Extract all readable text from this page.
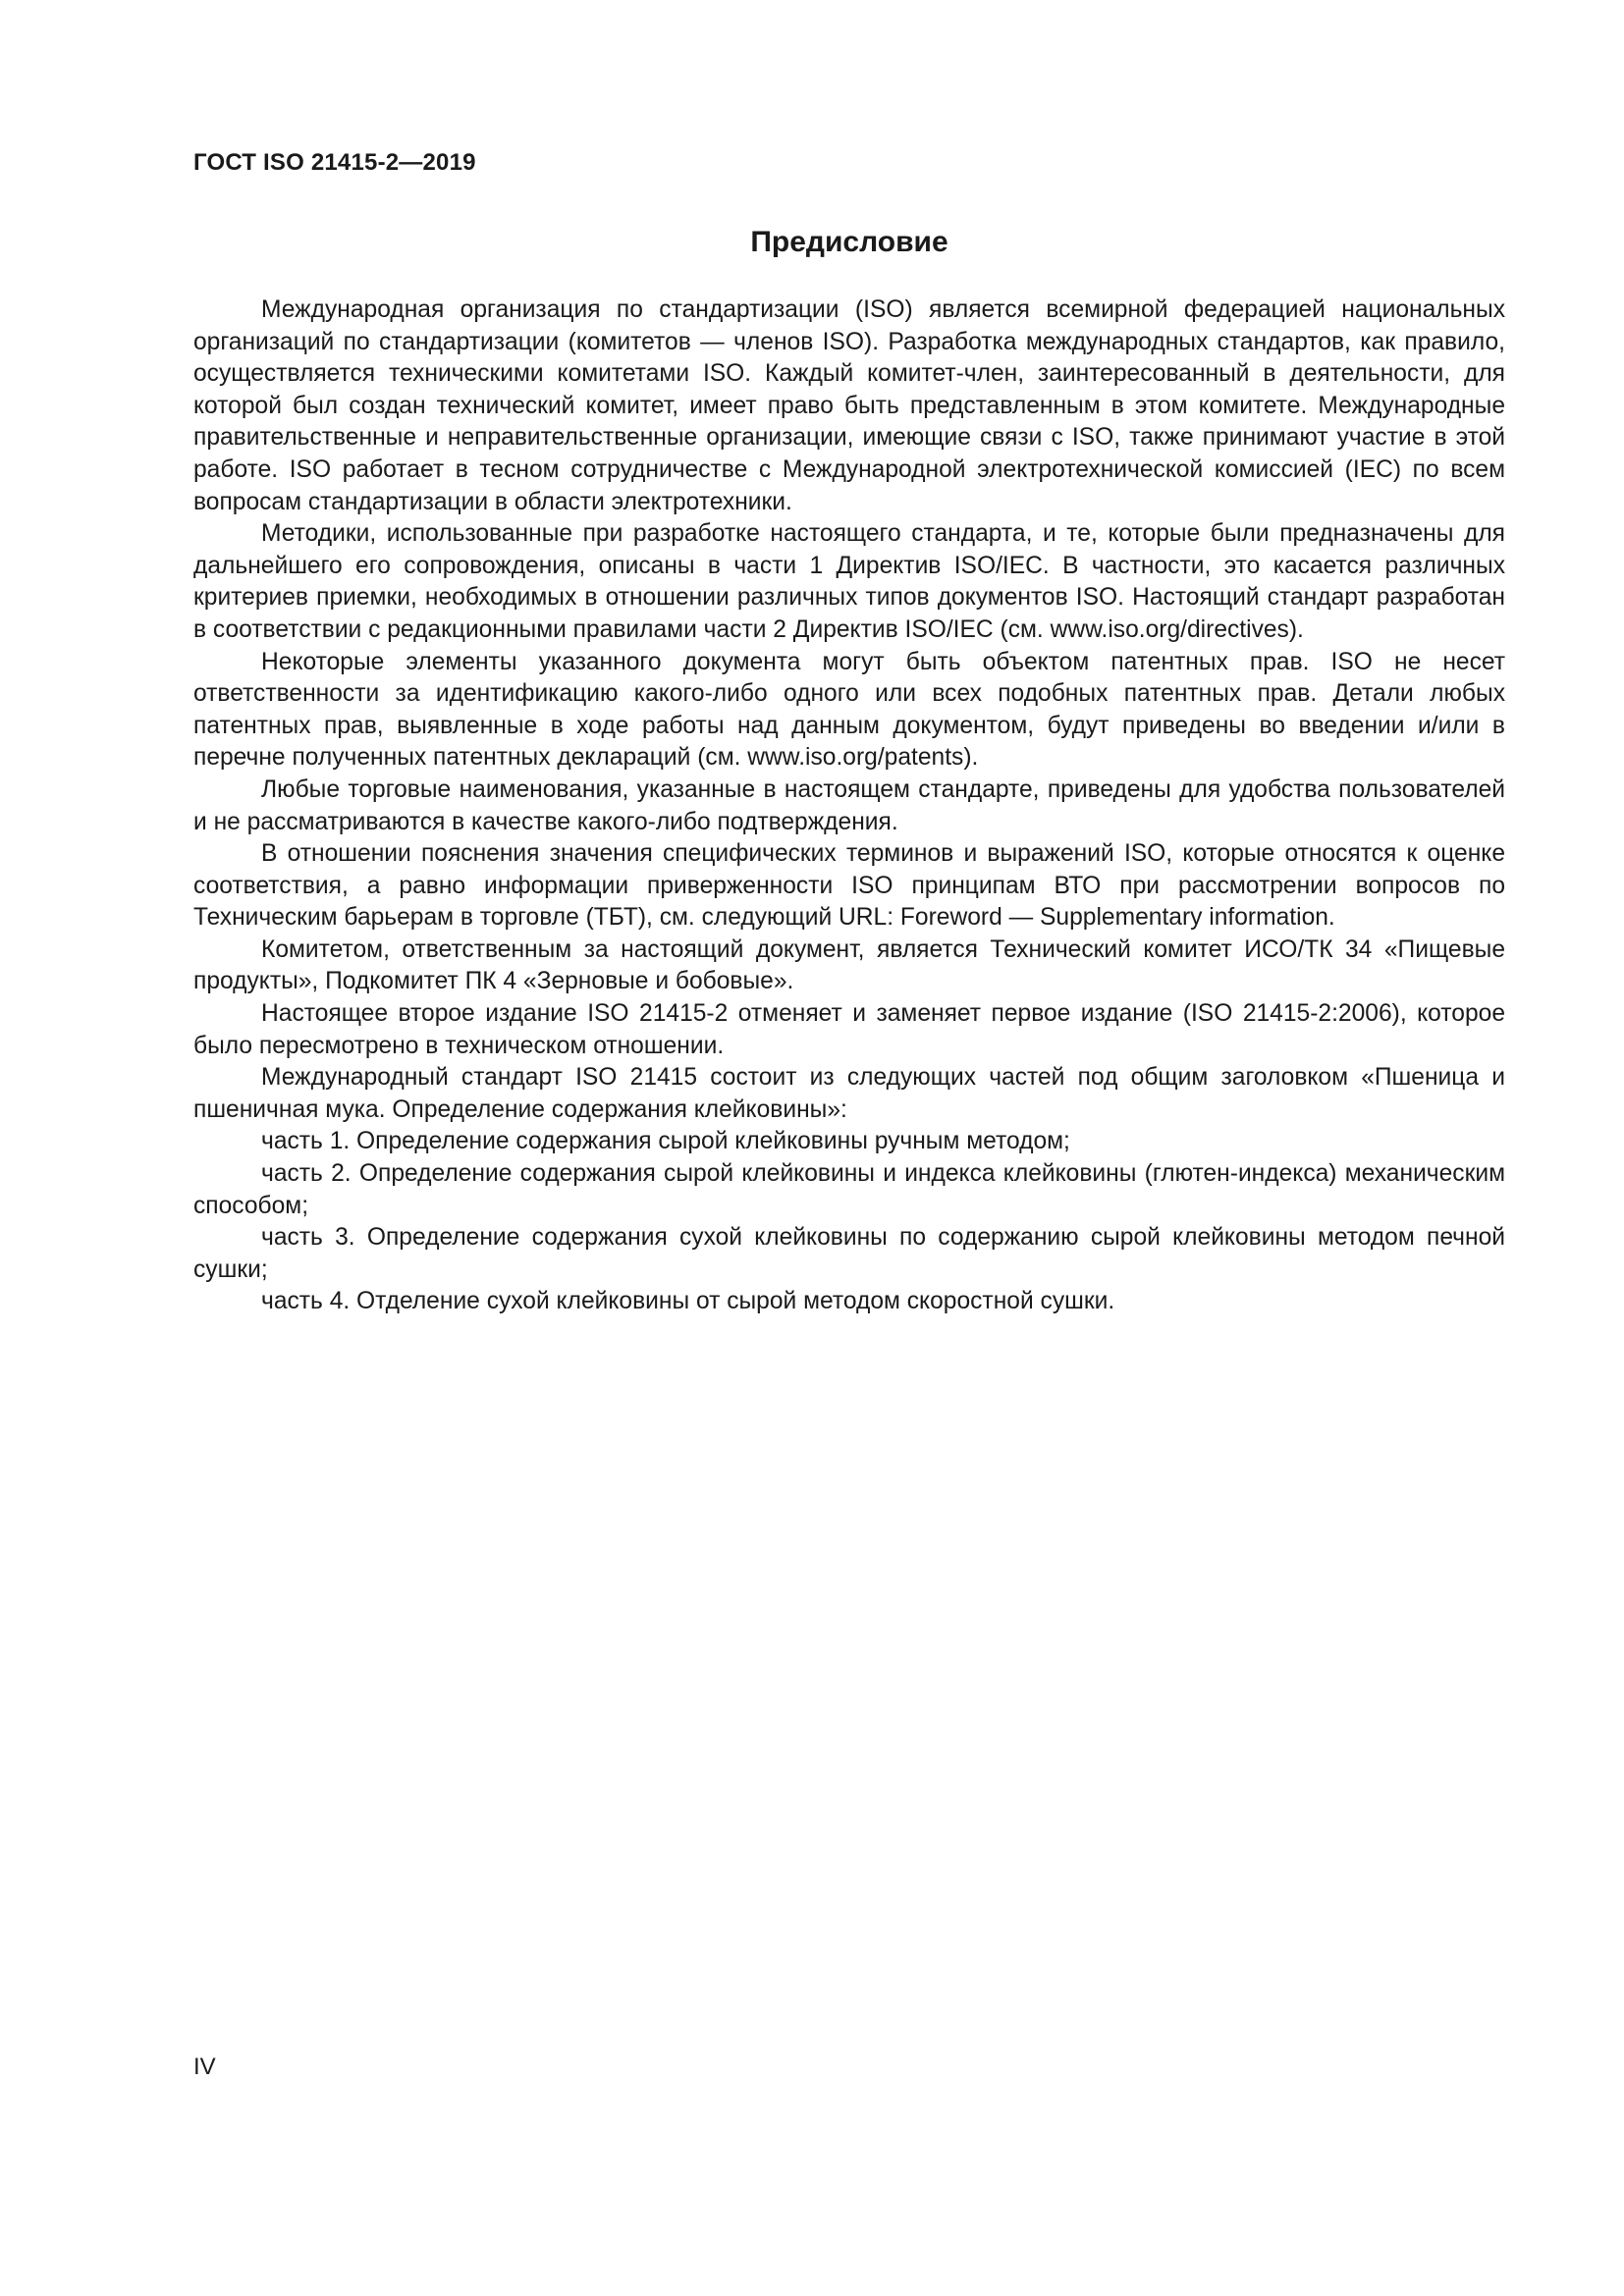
ГОСТ ISO 21415-2—2019
Предисловие

Международная организация по стандартизации (ISO) является всемирной федерацией национальных организаций по стандартизации (комитетов — членов ISO). Разработка международных стандартов, как правило, осуществляется техническими комитетами ISO. Каждый комитет-член, заинтересованный в деятельности, для которой был создан технический комитет, имеет право быть представленным в этом комитете. Международные правительственные и неправительственные организации, имеющие связи с ISO, также принимают участие в этой работе. ISO работает в тесном сотрудничестве с Международной электротехнической комиссией (IEC) по всем вопросам стандартизации в области электротехники.

Методики, использованные при разработке настоящего стандарта, и те, которые были предназначены для дальнейшего его сопровождения, описаны в части 1 Директив ISO/IEC. В частности, это касается различных критериев приемки, необходимых в отношении различных типов документов ISO. Настоящий стандарт разработан в соответствии с редакционными правилами части 2 Директив ISO/IEC (см. www.iso.org/directives).

Некоторые элементы указанного документа могут быть объектом патентных прав. ISO не несет ответственности за идентификацию какого-либо одного или всех подобных патентных прав. Детали любых патентных прав, выявленные в ходе работы над данным документом, будут приведены во введении и/или в перечне полученных патентных деклараций (см. www.iso.org/patents).

Любые торговые наименования, указанные в настоящем стандарте, приведены для удобства пользователей и не рассматриваются в качестве какого-либо подтверждения.

В отношении пояснения значения специфических терминов и выражений ISO, которые относятся к оценке соответствия, а равно информации приверженности ISO принципам ВТО при рассмотрении вопросов по Техническим барьерам в торговле (ТБТ), см. следующий URL: Foreword — Supplementary information.

Комитетом, ответственным за настоящий документ, является Технический комитет ИСО/ТК 34 «Пищевые продукты», Подкомитет ПК 4 «Зерновые и бобовые».

Настоящее второе издание ISO 21415-2 отменяет и заменяет первое издание (ISO 21415-2:2006), которое было пересмотрено в техническом отношении.

Международный стандарт ISO 21415 состоит из следующих частей под общим заголовком «Пшеница и пшеничная мука. Определение содержания клейковины»:

часть 1. Определение содержания сырой клейковины ручным методом;

часть 2. Определение содержания сырой клейковины и индекса клейковины (глютен-индекса) механическим способом;

часть 3. Определение содержания сухой клейковины по содержанию сырой клейковины методом печной сушки;

часть 4. Отделение сухой клейковины от сырой методом скоростной сушки.

IV
